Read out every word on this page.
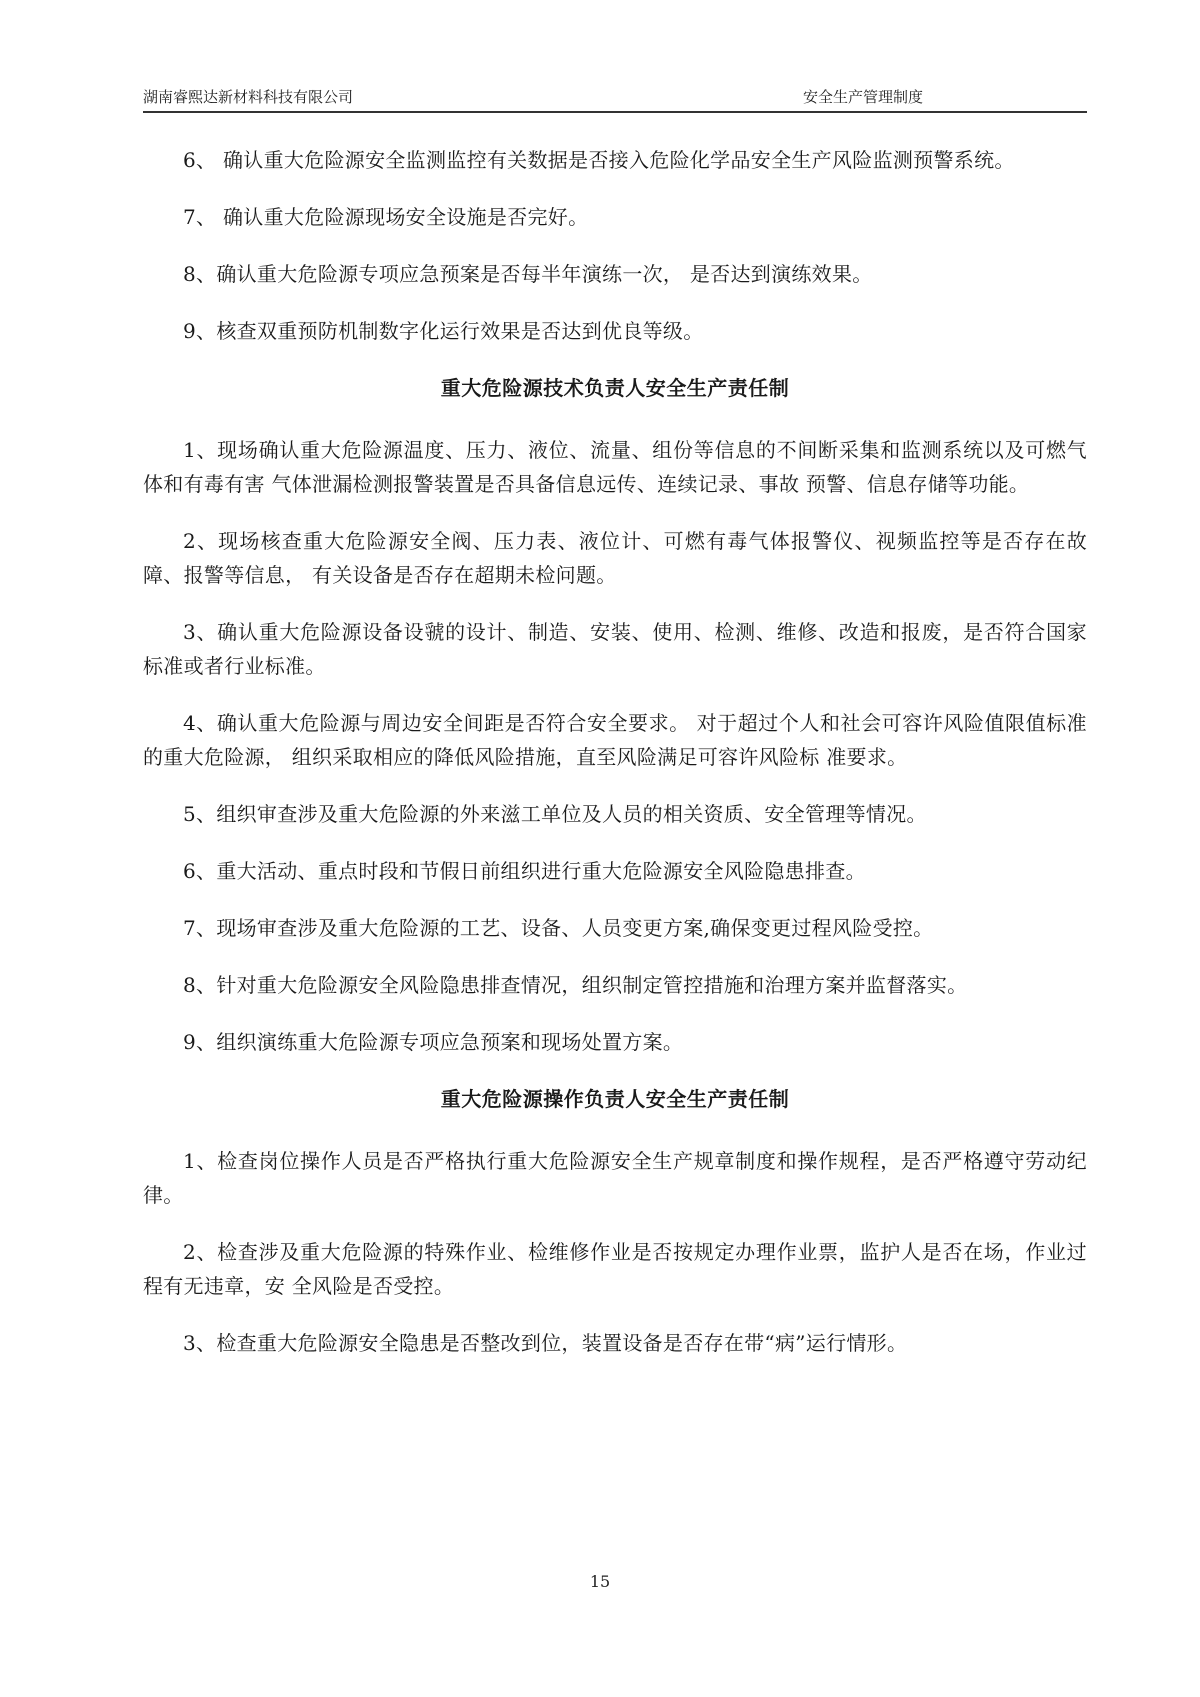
湖南睿熙达新材料科技有限公司	安全生产管理制度

6、 确认重大危险源安全监测监控有关数据是否接入危险化学品安全生产风险监测预警系统。

7、 确认重大危险源现场安全设施是否完好。

8、确认重大危险源专项应急预案是否每半年演练一次， 是否达到演练效果。

9、核查双重预防机制数字化运行效果是否达到优良等级。

重大危险源技术负责人安全生产责任制

1、现场确认重大危险源温度、压力、液位、流量、组份等信息的不间断采集和监测系统以及可燃气体和有毒有害 气体泄漏检测报警装置是否具备信息远传、连续记录、事故 预警、信息存储等功能。

2、现场核查重大危险源安全阀、压力表、液位计、可燃有毒气体报警仪、视频监控等是否存在故障、报警等信息， 有关设备是否存在超期未检问题。

3、确认重大危险源设备设虢的设计、制造、安装、使用、检测、维修、改造和报废，是否符合国家标准或者行业标准。

4、确认重大危险源与周边安全间距是否符合安全要求。 对于超过个人和社会可容许风险值限值标准的重大危险源， 组织采取相应的降低风险措施，直至风险满足可容许风险标 准要求。

5、组织审查涉及重大危险源的外来滋工单位及人员的相关资质、安全管理等情况。

6、重大活动、重点时段和节假日前组织进行重大危险源安全风险隐患排查。

7、现场审查涉及重大危险源的工艺、设备、人员变更方案,确保变更过程风险受控。

8、针对重大危险源安全风险隐患排查情况，组织制定管控措施和治理方案并监督落实。

9、组织演练重大危险源专项应急预案和现场处置方案。

重大危险源操作负责人安全生产责任制

1、检查岗位操作人员是否严格执行重大危险源安全生产规章制度和操作规程，是否严格遵守劳动纪律。

2、检查涉及重大危险源的特殊作业、检维修作业是否按规定办理作业票，监护人是否在场，作业过程有无违章，安 全风险是否受控。

3、检查重大危险源安全隐患是否整改到位，装置设备是否存在带“病”运行情形。

15
